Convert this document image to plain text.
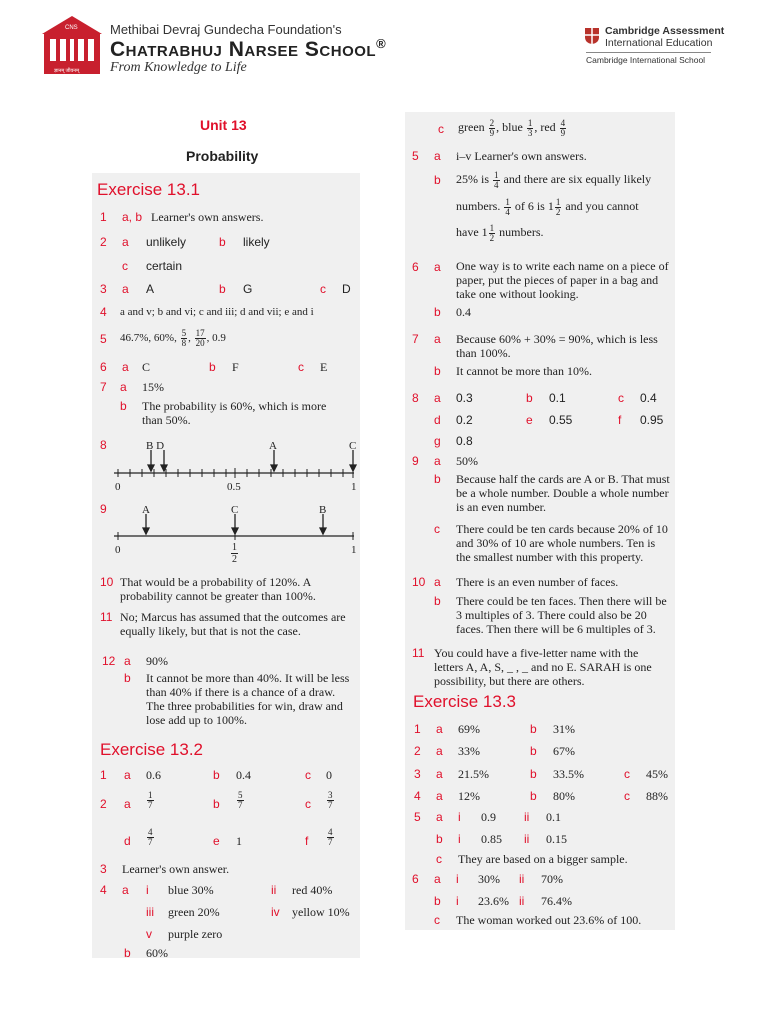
CNS
ज्ञानम् जीवनम्
Methibai Devraj Gundecha Foundation's
Chatrabhuj Narsee School®
From Knowledge to Life
Cambridge Assessment
International Education
Cambridge International School
Unit 13
Probability
Exercise 13.1
1 a, b Learner's own answers.
2 a unlikely	b likely
c certain
3 a A	b G	c D
4 a and v; b and vi; c and iii; d and vii; e and i
5 46.7%, 60%, $\frac{5}{8}$ , $\frac{17}{20}$ , 0.9
6 a C	b F	c E
7 a 15%
b The probability is 60%, which is more than 50%.
8	B D	A	C
0	0.5	1
9	A	C	B
0	$\frac{1}{2}$	1
10 That would be a probability of 120%. A probability cannot be greater than 100%.
11 No; Marcus has assumed that the outcomes are equally likely, but that is not the case.
12 a 90%
b It cannot be more than 40%. It will be less than 40% if there is a chance of a draw. The three probabilities for win, draw and lose add up to 100%.
Exercise 13.2
1 a 0.6	b 0.4	c 0
2 a $\frac{1}{7}$	b $\frac{5}{7}$	c $\frac{3}{7}$
d $\frac{4}{7}$	e 1	f $\frac{4}{7}$
3 Learner's own answer.
4 a i blue 30%	ii red 40%
iii green 20%	iv yellow 10%
v purple zero
b 60%
c green $\frac{2}{9}$ , blue $\frac{1}{3}$ , red $\frac{4}{9}$
5 a i–v Learner's own answers.
b 25% is $\frac{1}{4}$ and there are six equally likely
numbers. $\frac{1}{4}$ of 6 is $1 \frac{1}{2}$ and you cannot
have $1 \frac{1}{2}$ numbers.
6 a One way is to write each name on a piece of paper, put the pieces of paper in a bag and take one without looking.
b 0.4
7 a Because 60% + 30% = 90%, which is less than 100%.
b It cannot be more than 10%.
8 a 0.3	b 0.1	c 0.4
d 0.2	e 0.55	f 0.95
g 0.8
9 a 50%
b Because half the cards are A or B. That must be a whole number. Double a whole number is an even number.
c There could be ten cards because 20% of 10 and 30% of 10 are whole numbers. Ten is the smallest number with this property.
10 a There is an even number of faces.
b There could be ten faces. Then there will be 3 multiples of 3. There could also be 20 faces. Then there will be 6 multiples of 3.
11 You could have a five-letter name with the letters A, A, S, _ , _ and no E. SARAH is one possibility, but there are others.
Exercise 13.3
1 a 69%	b 31%
2 a 33%	b 67%
3 a 21.5%	b 33.5%	c 45%
4 a 12%	b 80%	c 88%
5 a i 0.9 ii 0.1
b i 0.85 ii 0.15
c They are based on a bigger sample.
6 a i 30% ii 70%
b i 23.6% ii 76.4%
c The woman worked out 23.6% of 100.
